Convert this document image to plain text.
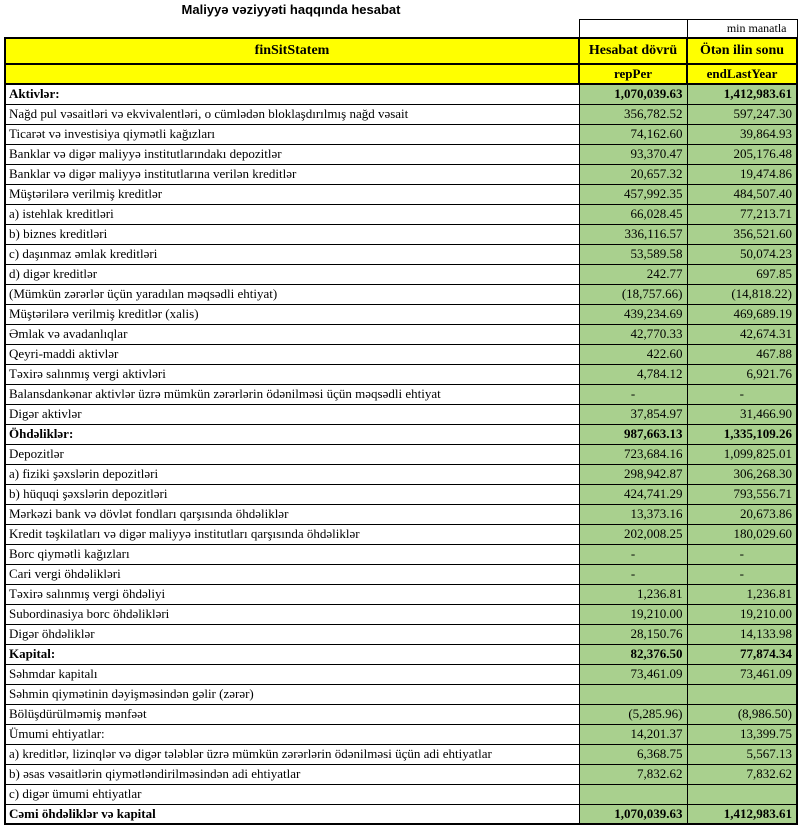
Maliyyə vəziyyəti haqqında hesabat
		min manatla
finSitStatem	Hesabat dövrü	Ötən ilin sonu
	repPer	endLastYear
Aktivlər:	1,070,039.63	1,412,983.61
Nağd pul vəsaitləri və ekvivalentləri, o cümlədən bloklaşdırılmış nağd vəsait	356,782.52	597,247.30
Ticarət və investisiya qiymətli kağızları	74,162.60	39,864.93
Banklar və digər maliyyə institutlarındakı depozitlər	93,370.47	205,176.48
Banklar və digər maliyyə institutlarına verilən kreditlər	20,657.32	19,474.86
Müştərilərə verilmiş kreditlər	457,992.35	484,507.40
a) istehlak kreditləri	66,028.45	77,213.71
b) biznes kreditləri	336,116.57	356,521.60
c) daşınmaz əmlak kreditləri	53,589.58	50,074.23
d) digər kreditlər	242.77	697.85
(Mümkün zərərlər üçün yaradılan məqsədli ehtiyat)	(18,757.66)	(14,818.22)
Müştərilərə verilmiş kreditlər (xalis)	439,234.69	469,689.19
Əmlak və avadanlıqlar	42,770.33	42,674.31
Qeyri-maddi aktivlər	422.60	467.88
Təxirə salınmış vergi aktivləri	4,784.12	6,921.76
Balansdankənar aktivlər üzrə mümkün zərərlərin ödənilməsi üçün məqsədli ehtiyat	-	-
Digər aktivlər	37,854.97	31,466.90
Öhdəliklər:	987,663.13	1,335,109.26
Depozitlər	723,684.16	1,099,825.01
a) fiziki şəxslərin depozitləri	298,942.87	306,268.30
b) hüquqi şəxslərin depozitləri	424,741.29	793,556.71
Mərkəzi bank və dövlət fondları qarşısında öhdəliklər	13,373.16	20,673.86
Kredit təşkilatları və digər maliyyə institutları qarşısında öhdəliklər	202,008.25	180,029.60
Borc qiymətli kağızları	-	-
Cari vergi öhdəlikləri	-	-
Təxirə salınmış vergi öhdəliyi	1,236.81	1,236.81
Subordinasiya borc öhdəlikləri	19,210.00	19,210.00
Digər öhdəliklər	28,150.76	14,133.98
Kapital:	82,376.50	77,874.34
Səhmdar kapitalı	73,461.09	73,461.09
Səhmin qiymətinin dəyişməsindən gəlir (zərər)		
Bölüşdürülməmiş mənfəət	(5,285.96)	(8,986.50)
Ümumi ehtiyatlar:	14,201.37	13,399.75
a) kreditlər, lizinqlər və digər tələblər üzrə mümkün zərərlərin ödənilməsi üçün adi ehtiyatlar	6,368.75	5,567.13
b) əsas vəsaitlərin qiymətləndirilməsindən adi ehtiyatlar	7,832.62	7,832.62
c) digər ümumi ehtiyatlar		
Cəmi öhdəliklər və kapital	1,070,039.63	1,412,983.61
